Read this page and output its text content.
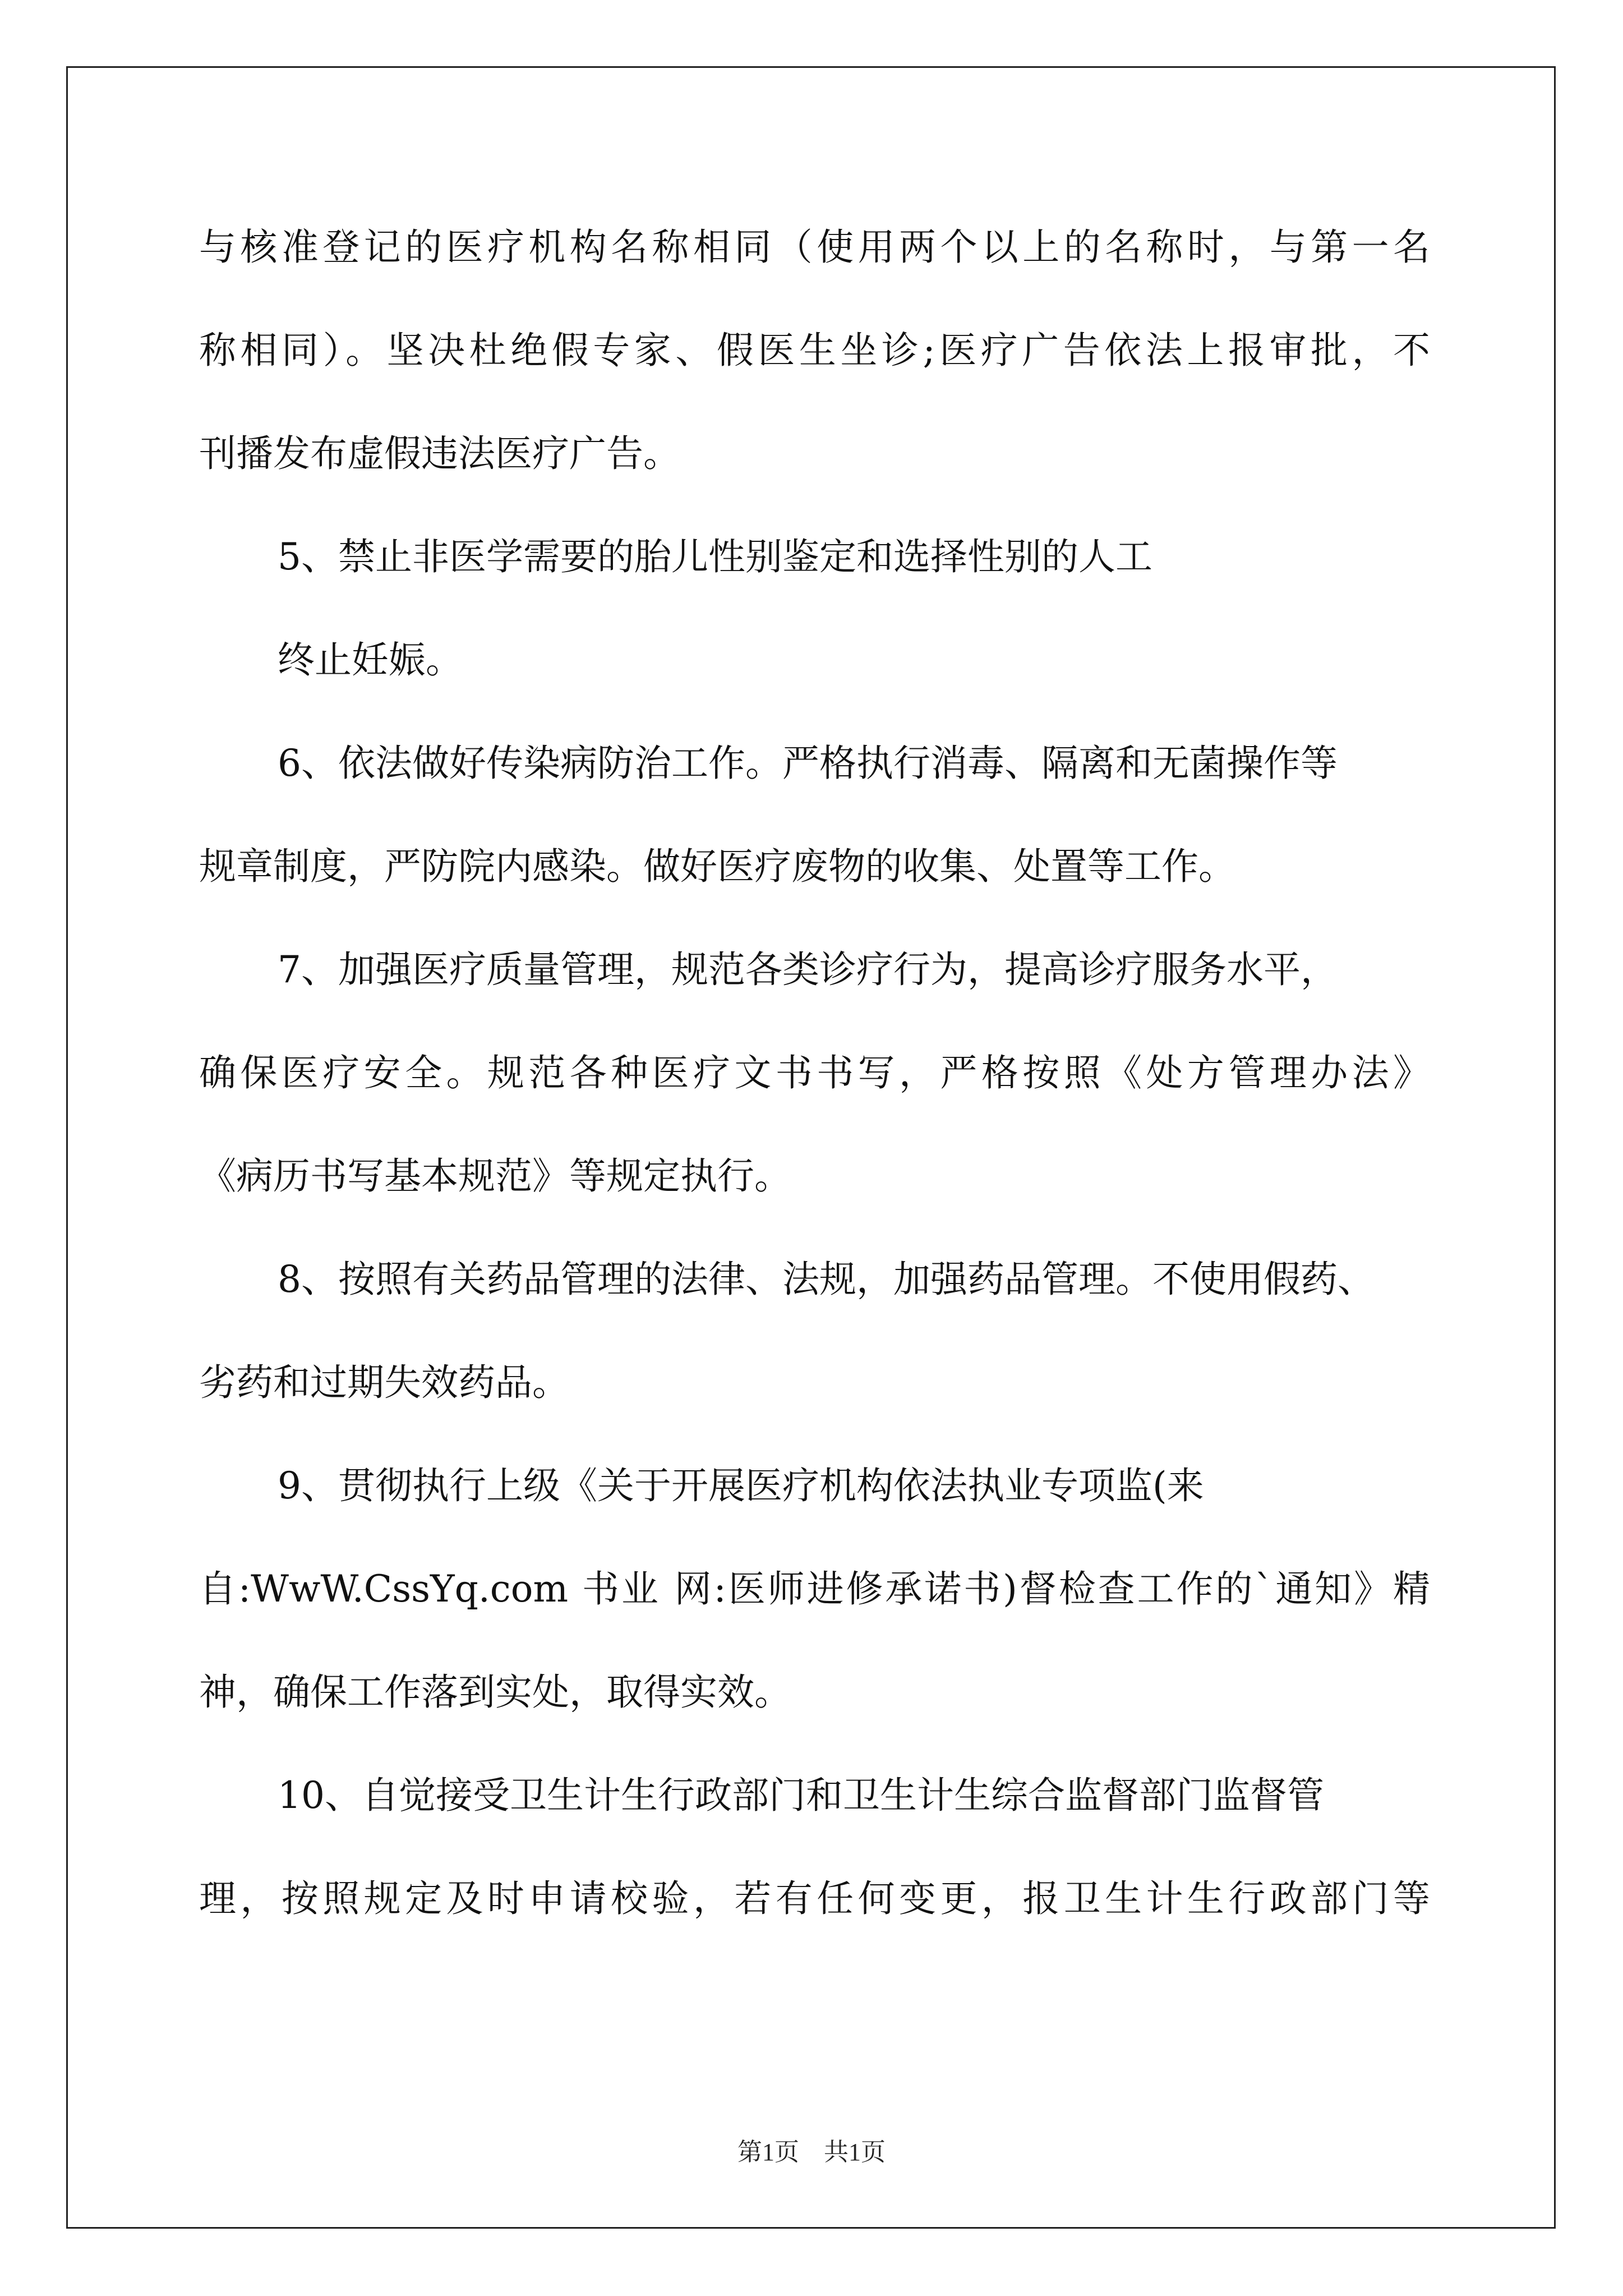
与核准登记的医疗机构名称相同（使用两个以上的名称时，与第一名
称相同）。坚决杜绝假专家、假医生坐诊;医疗广告依法上报审批，不
刊播发布虚假违法医疗广告。
5、禁止非医学需要的胎儿性别鉴定和选择性别的人工
终止妊娠。
6、依法做好传染病防治工作。严格执行消毒、隔离和无菌操作等
规章制度，严防院内感染。做好医疗废物的收集、处置等工作。
7、加强医疗质量管理，规范各类诊疗行为，提高诊疗服务水平，
确保医疗安全。规范各种医疗文书书写，严格按照《处方管理办法》
《病历书写基本规范》等规定执行。
8、按照有关药品管理的法律、法规，加强药品管理。不使用假药、
劣药和过期失效药品。
9、贯彻执行上级《关于开展医疗机构依法执业专项监(来
自:WwW.CssYq.com 书业 网:医师进修承诺书)督检查工作的`通知》精
神，确保工作落到实处，取得实效。
10、自觉接受卫生计生行政部门和卫生计生综合监督部门监督管
理，按照规定及时申请校验，若有任何变更，报卫生计生行政部门等
第1页　共1页
